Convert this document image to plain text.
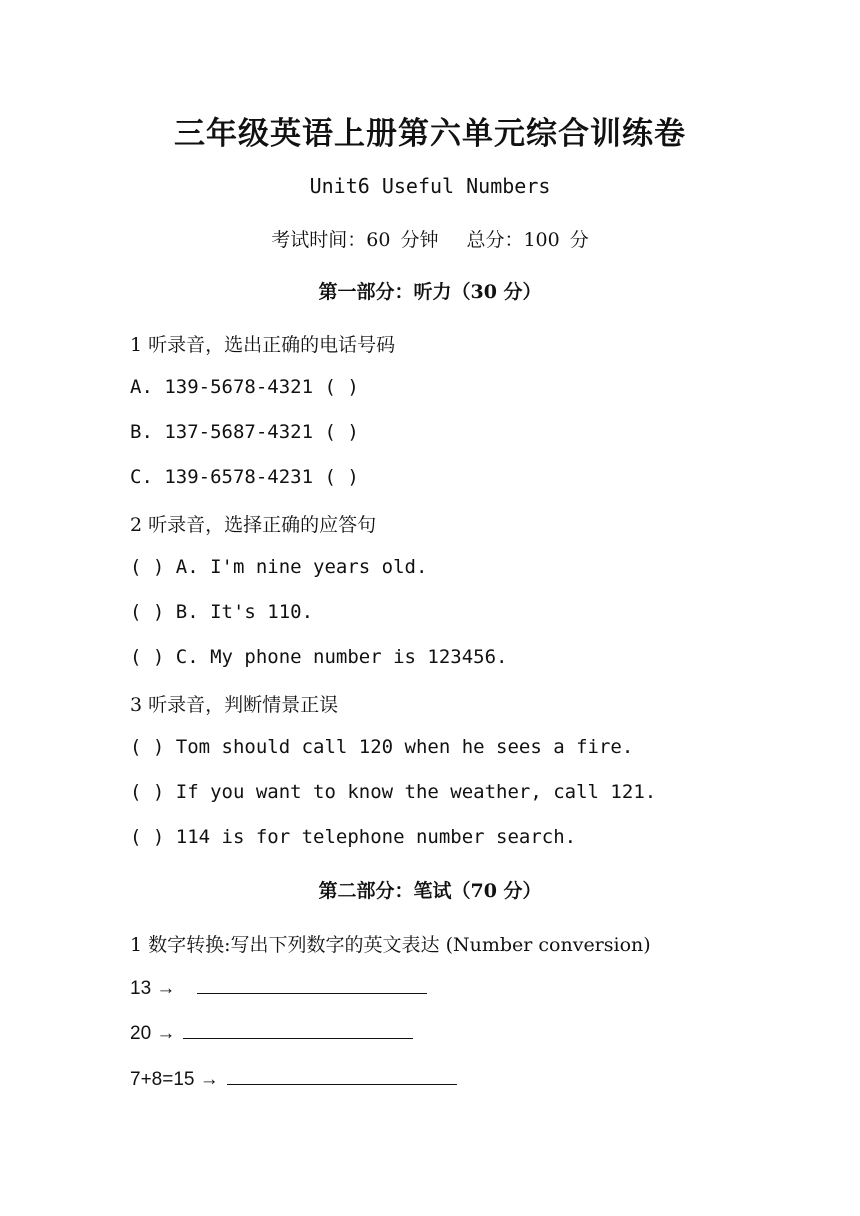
三年级英语上册第六单元综合训练卷
Unit6 Useful Numbers
考试时间：60 分钟 总分：100 分
第一部分：听力（30 分）
1 听录音，选出正确的电话号码
A. 139-5678-4321 ( )
B. 137-5687-4321 ( )
C. 139-6578-4231 ( )
2 听录音，选择正确的应答句
( ) A. I'm nine years old.
( ) B. It's 110.
( ) C. My phone number is 123456.
3 听录音，判断情景正误
( ) Tom should call 120 when he sees a fire.
( ) If you want to know the weather, call 121.
( ) 114 is for telephone number search.
第二部分：笔试（70 分）
1 数字转换:写出下列数字的英文表达 (Number conversion)
13 →
20 →
7+8=15 →
